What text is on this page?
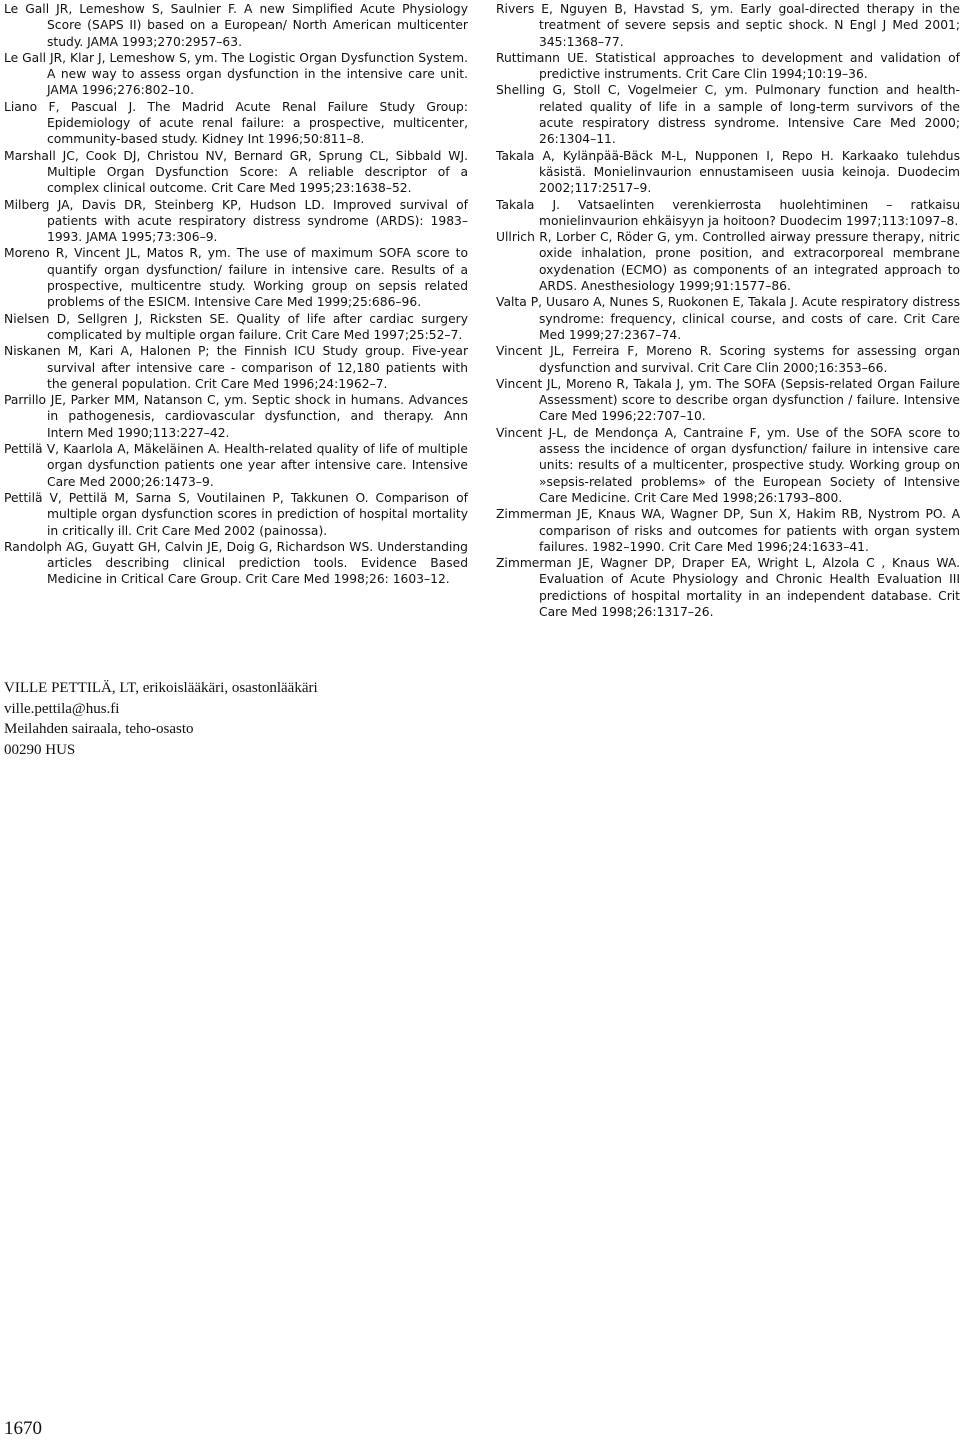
Le Gall JR, Lemeshow S, Saulnier F. A new Simplified Acute Physiology Score (SAPS II) based on a European/ North American multicenter study. JAMA 1993;270:2957–63.

Le Gall JR, Klar J, Lemeshow S, ym. The Logistic Organ Dysfunction System. A new way to assess organ dysfunction in the intensive care unit. JAMA 1996;276:802–10.

Liano F, Pascual J. The Madrid Acute Renal Failure Study Group: Epidemiology of acute renal failure: a prospective, multicenter, community-based study. Kidney Int 1996;50:811–8.

Marshall JC, Cook DJ, Christou NV, Bernard GR, Sprung CL, Sibbald WJ. Multiple Organ Dysfunction Score: A reliable descriptor of a complex clinical outcome. Crit Care Med 1995;23:1638–52.

Milberg JA, Davis DR, Steinberg KP, Hudson LD. Improved survival of patients with acute respiratory distress syndrome (ARDS): 1983–1993. JAMA 1995;73:306–9.

Moreno R, Vincent JL, Matos R, ym. The use of maximum SOFA score to quantify organ dysfunction/ failure in intensive care. Results of a prospective, multicentre study. Working group on sepsis related problems of the ESICM. Intensive Care Med 1999;25:686–96.

Nielsen D, Sellgren J, Ricksten SE. Quality of life after cardiac surgery complicated by multiple organ failure. Crit Care Med 1997;25:52–7.

Niskanen M, Kari A, Halonen P; the Finnish ICU Study group. Five-year survival after intensive care - comparison of 12,180 patients with the general population. Crit Care Med 1996;24:1962–7.

Parrillo JE, Parker MM, Natanson C, ym. Septic shock in humans. Advances in pathogenesis, cardiovascular dysfunction, and therapy. Ann Intern Med 1990;113:227–42.

Pettilä V, Kaarlola A, Mäkeläinen A. Health-related quality of life of multiple organ dysfunction patients one year after intensive care. Intensive Care Med 2000;26:1473–9.

Pettilä V, Pettilä M, Sarna S, Voutilainen P, Takkunen O. Comparison of multiple organ dysfunction scores in prediction of hospital mortality in critically ill. Crit Care Med 2002 (painossa).

Randolph AG, Guyatt GH, Calvin JE, Doig G, Richardson WS. Understanding articles describing clinical prediction tools. Evidence Based Medicine in Critical Care Group. Crit Care Med 1998;26: 1603–12.

Rivers E, Nguyen B, Havstad S, ym. Early goal-directed therapy in the treatment of severe sepsis and septic shock. N Engl J Med 2001; 345:1368–77.

Ruttimann UE. Statistical approaches to development and validation of predictive instruments. Crit Care Clin 1994;10:19–36.

Shelling G, Stoll C, Vogelmeier C, ym. Pulmonary function and health-related quality of life in a sample of long-term survivors of the acute respiratory distress syndrome. Intensive Care Med 2000; 26:1304–11.

Takala A, Kylänpää-Bäck M-L, Nupponen I, Repo H. Karkaako tulehdus käsistä. Monielinvaurion ennustamiseen uusia keinoja. Duodecim 2002;117:2517–9.

Takala J. Vatsaelinten verenkierrosta huolehtiminen – ratkaisu monielinvaurion ehkäisyyn ja hoitoon? Duodecim 1997;113:1097–8.

Ullrich R, Lorber C, Röder G, ym. Controlled airway pressure therapy, nitric oxide inhalation, prone position, and extracorporeal membrane oxydenation (ECMO) as components of an integrated approach to ARDS. Anesthesiology 1999;91:1577–86.

Valta P, Uusaro A, Nunes S, Ruokonen E, Takala J. Acute respiratory distress syndrome: frequency, clinical course, and costs of care. Crit Care Med 1999;27:2367–74.

Vincent JL, Ferreira F, Moreno R. Scoring systems for assessing organ dysfunction and survival. Crit Care Clin 2000;16:353–66.

Vincent JL, Moreno R, Takala J, ym. The SOFA (Sepsis-related Organ Failure Assessment) score to describe organ dysfunction / failure. Intensive Care Med 1996;22:707–10.

Vincent J-L, de Mendonça A, Cantraine F, ym. Use of the SOFA score to assess the incidence of organ dysfunction/ failure in intensive care units: results of a multicenter, prospective study. Working group on »sepsis-related problems» of the European Society of Intensive Care Medicine. Crit Care Med 1998;26:1793–800.

Zimmerman JE, Knaus WA, Wagner DP, Sun X, Hakim RB, Nystrom PO. A comparison of risks and outcomes for patients with organ system failures. 1982–1990. Crit Care Med 1996;24:1633–41.

Zimmerman JE, Wagner DP, Draper EA, Wright L, Alzola C , Knaus WA. Evaluation of Acute Physiology and Chronic Health Evaluation III predictions of hospital mortality in an independent database. Crit Care Med 1998;26:1317–26.

VILLE PETTILÄ, LT, erikoislääkäri, osastonlääkäri
ville.pettila@hus.fi
Meilahden sairaala, teho-osasto
00290 HUS
1670
